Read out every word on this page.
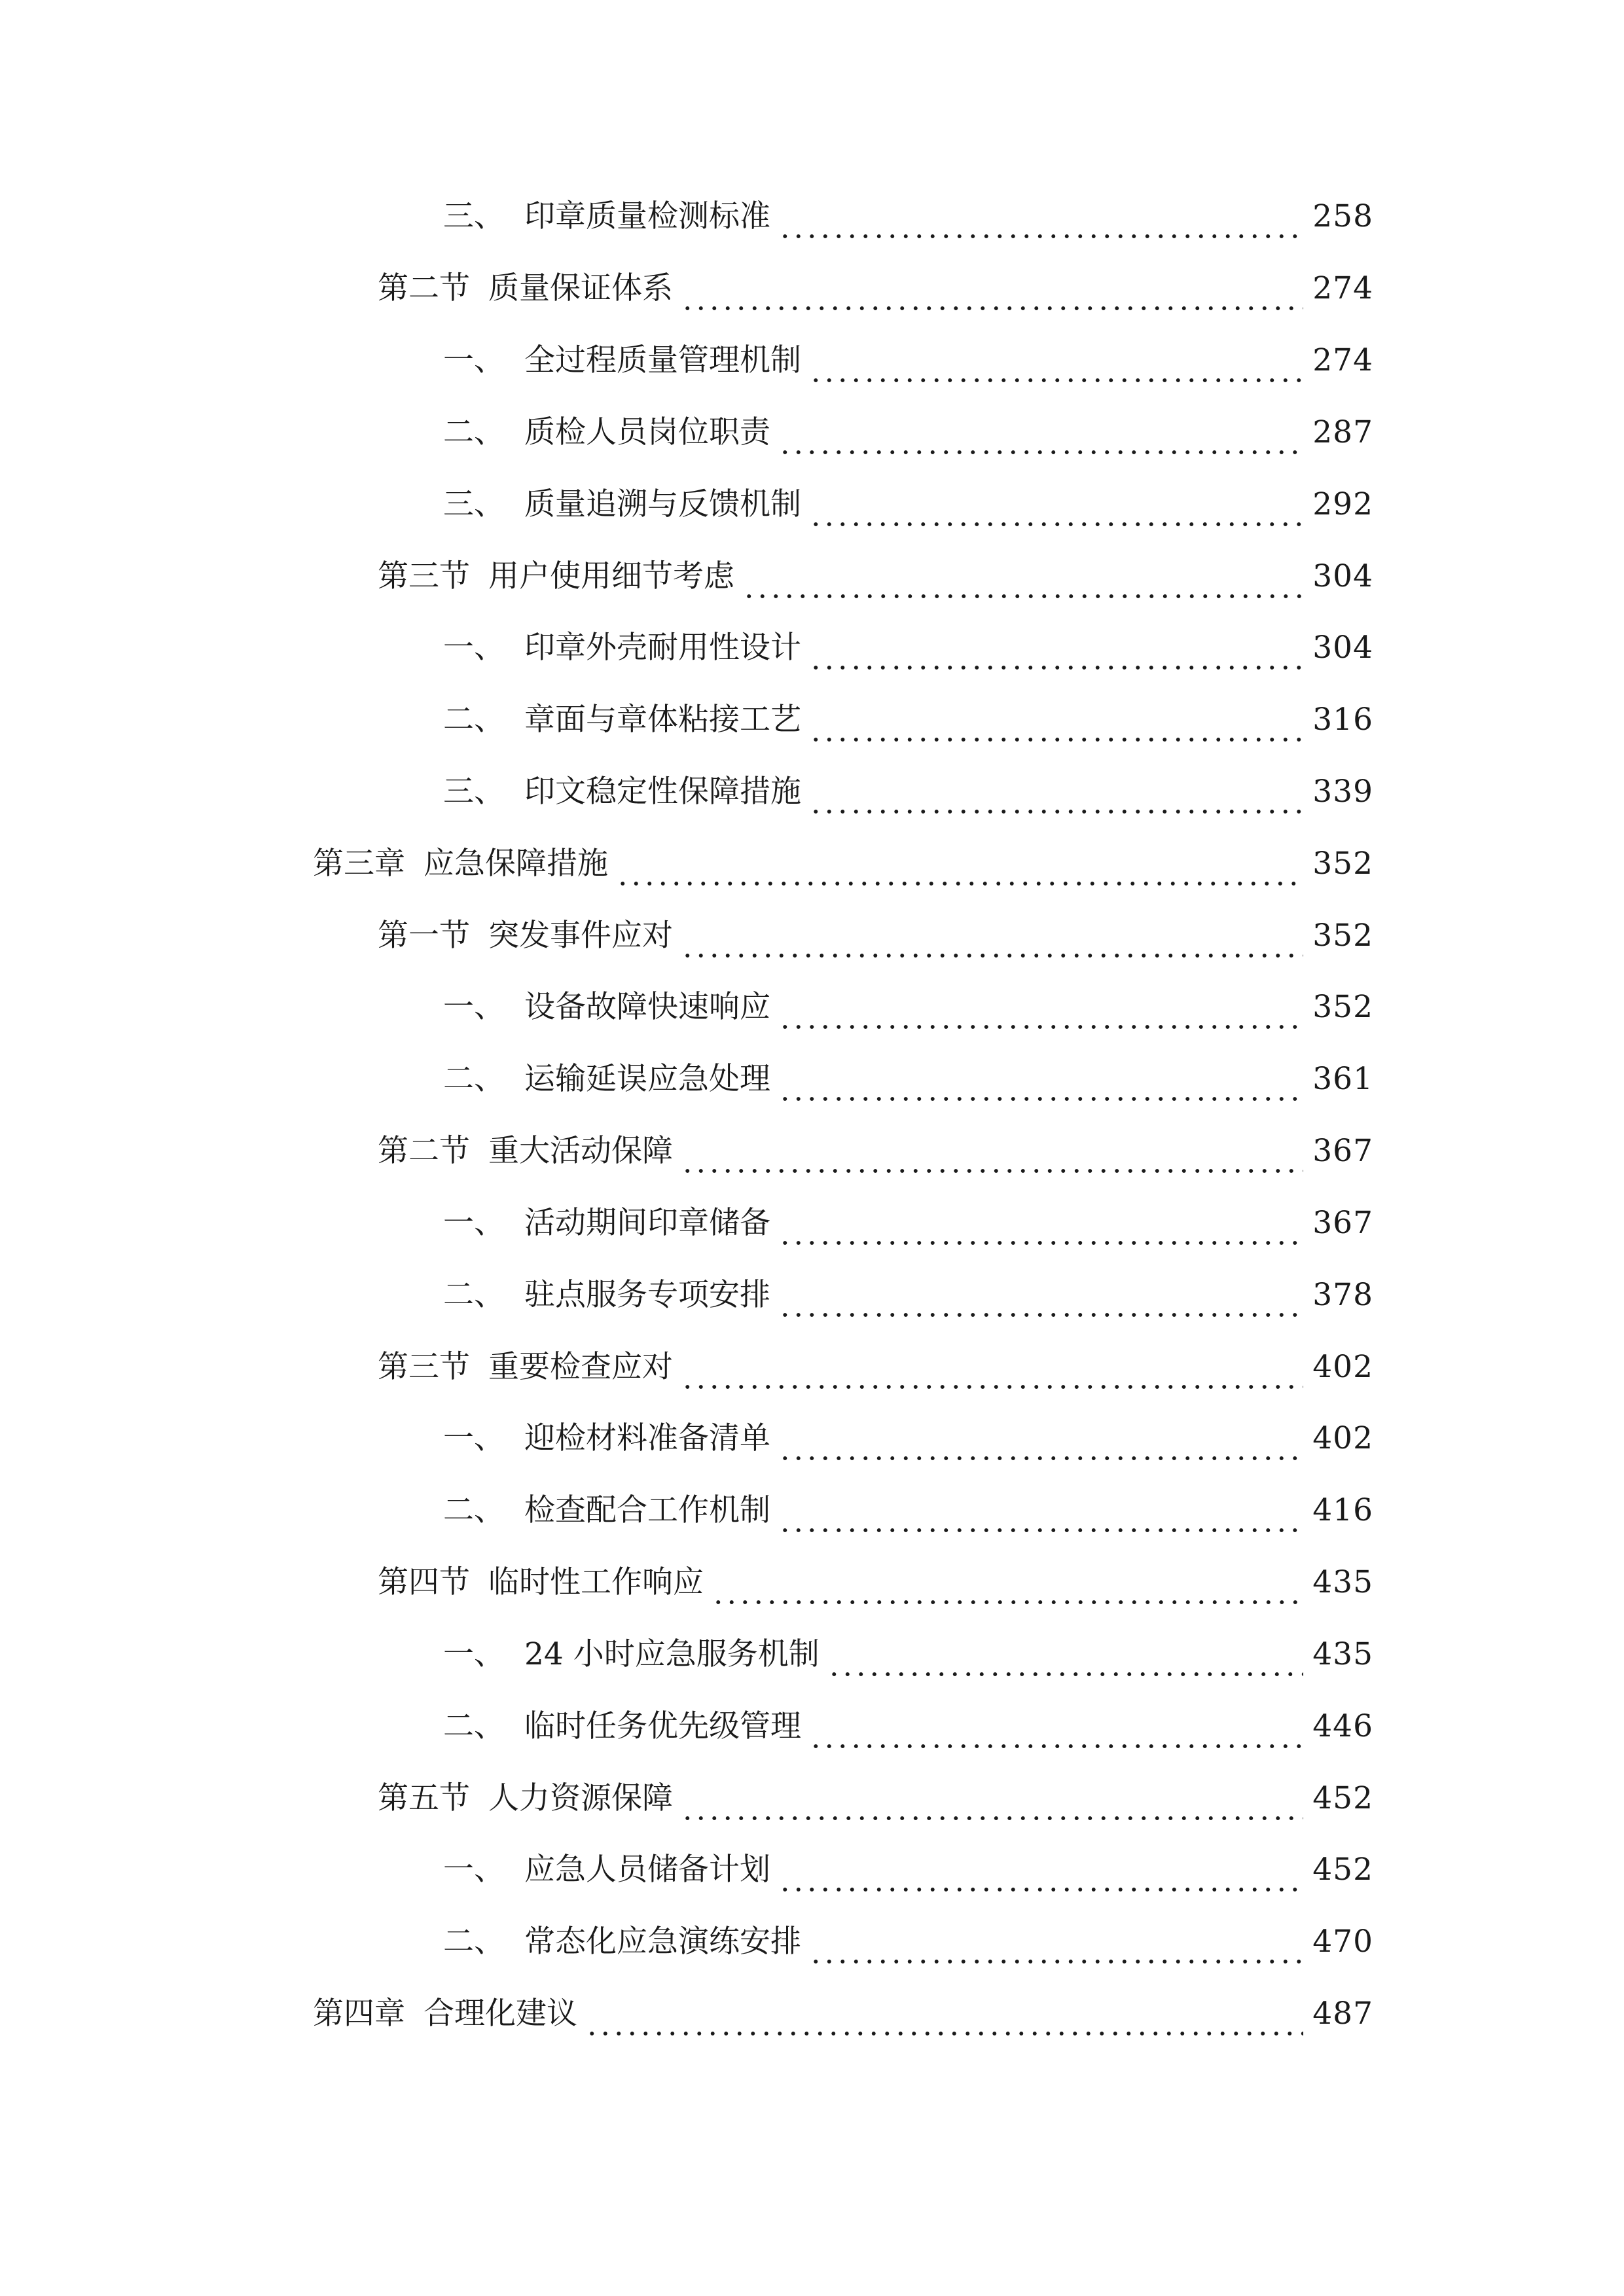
三、 印章质量检测标准	258
第二节 质量保证体系	274
一、 全过程质量管理机制	274
二、 质检人员岗位职责	287
三、 质量追溯与反馈机制	292
第三节 用户使用细节考虑	304
一、 印章外壳耐用性设计	304
二、 章面与章体粘接工艺	316
三、 印文稳定性保障措施	339
第三章 应急保障措施	352
第一节 突发事件应对	352
一、 设备故障快速响应	352
二、 运输延误应急处理	361
第二节 重大活动保障	367
一、 活动期间印章储备	367
二、 驻点服务专项安排	378
第三节 重要检查应对	402
一、 迎检材料准备清单	402
二、 检查配合工作机制	416
第四节 临时性工作响应	435
一、 24 小时应急服务机制	435
二、 临时任务优先级管理	446
第五节 人力资源保障	452
一、 应急人员储备计划	452
二、 常态化应急演练安排	470
第四章 合理化建议	487
